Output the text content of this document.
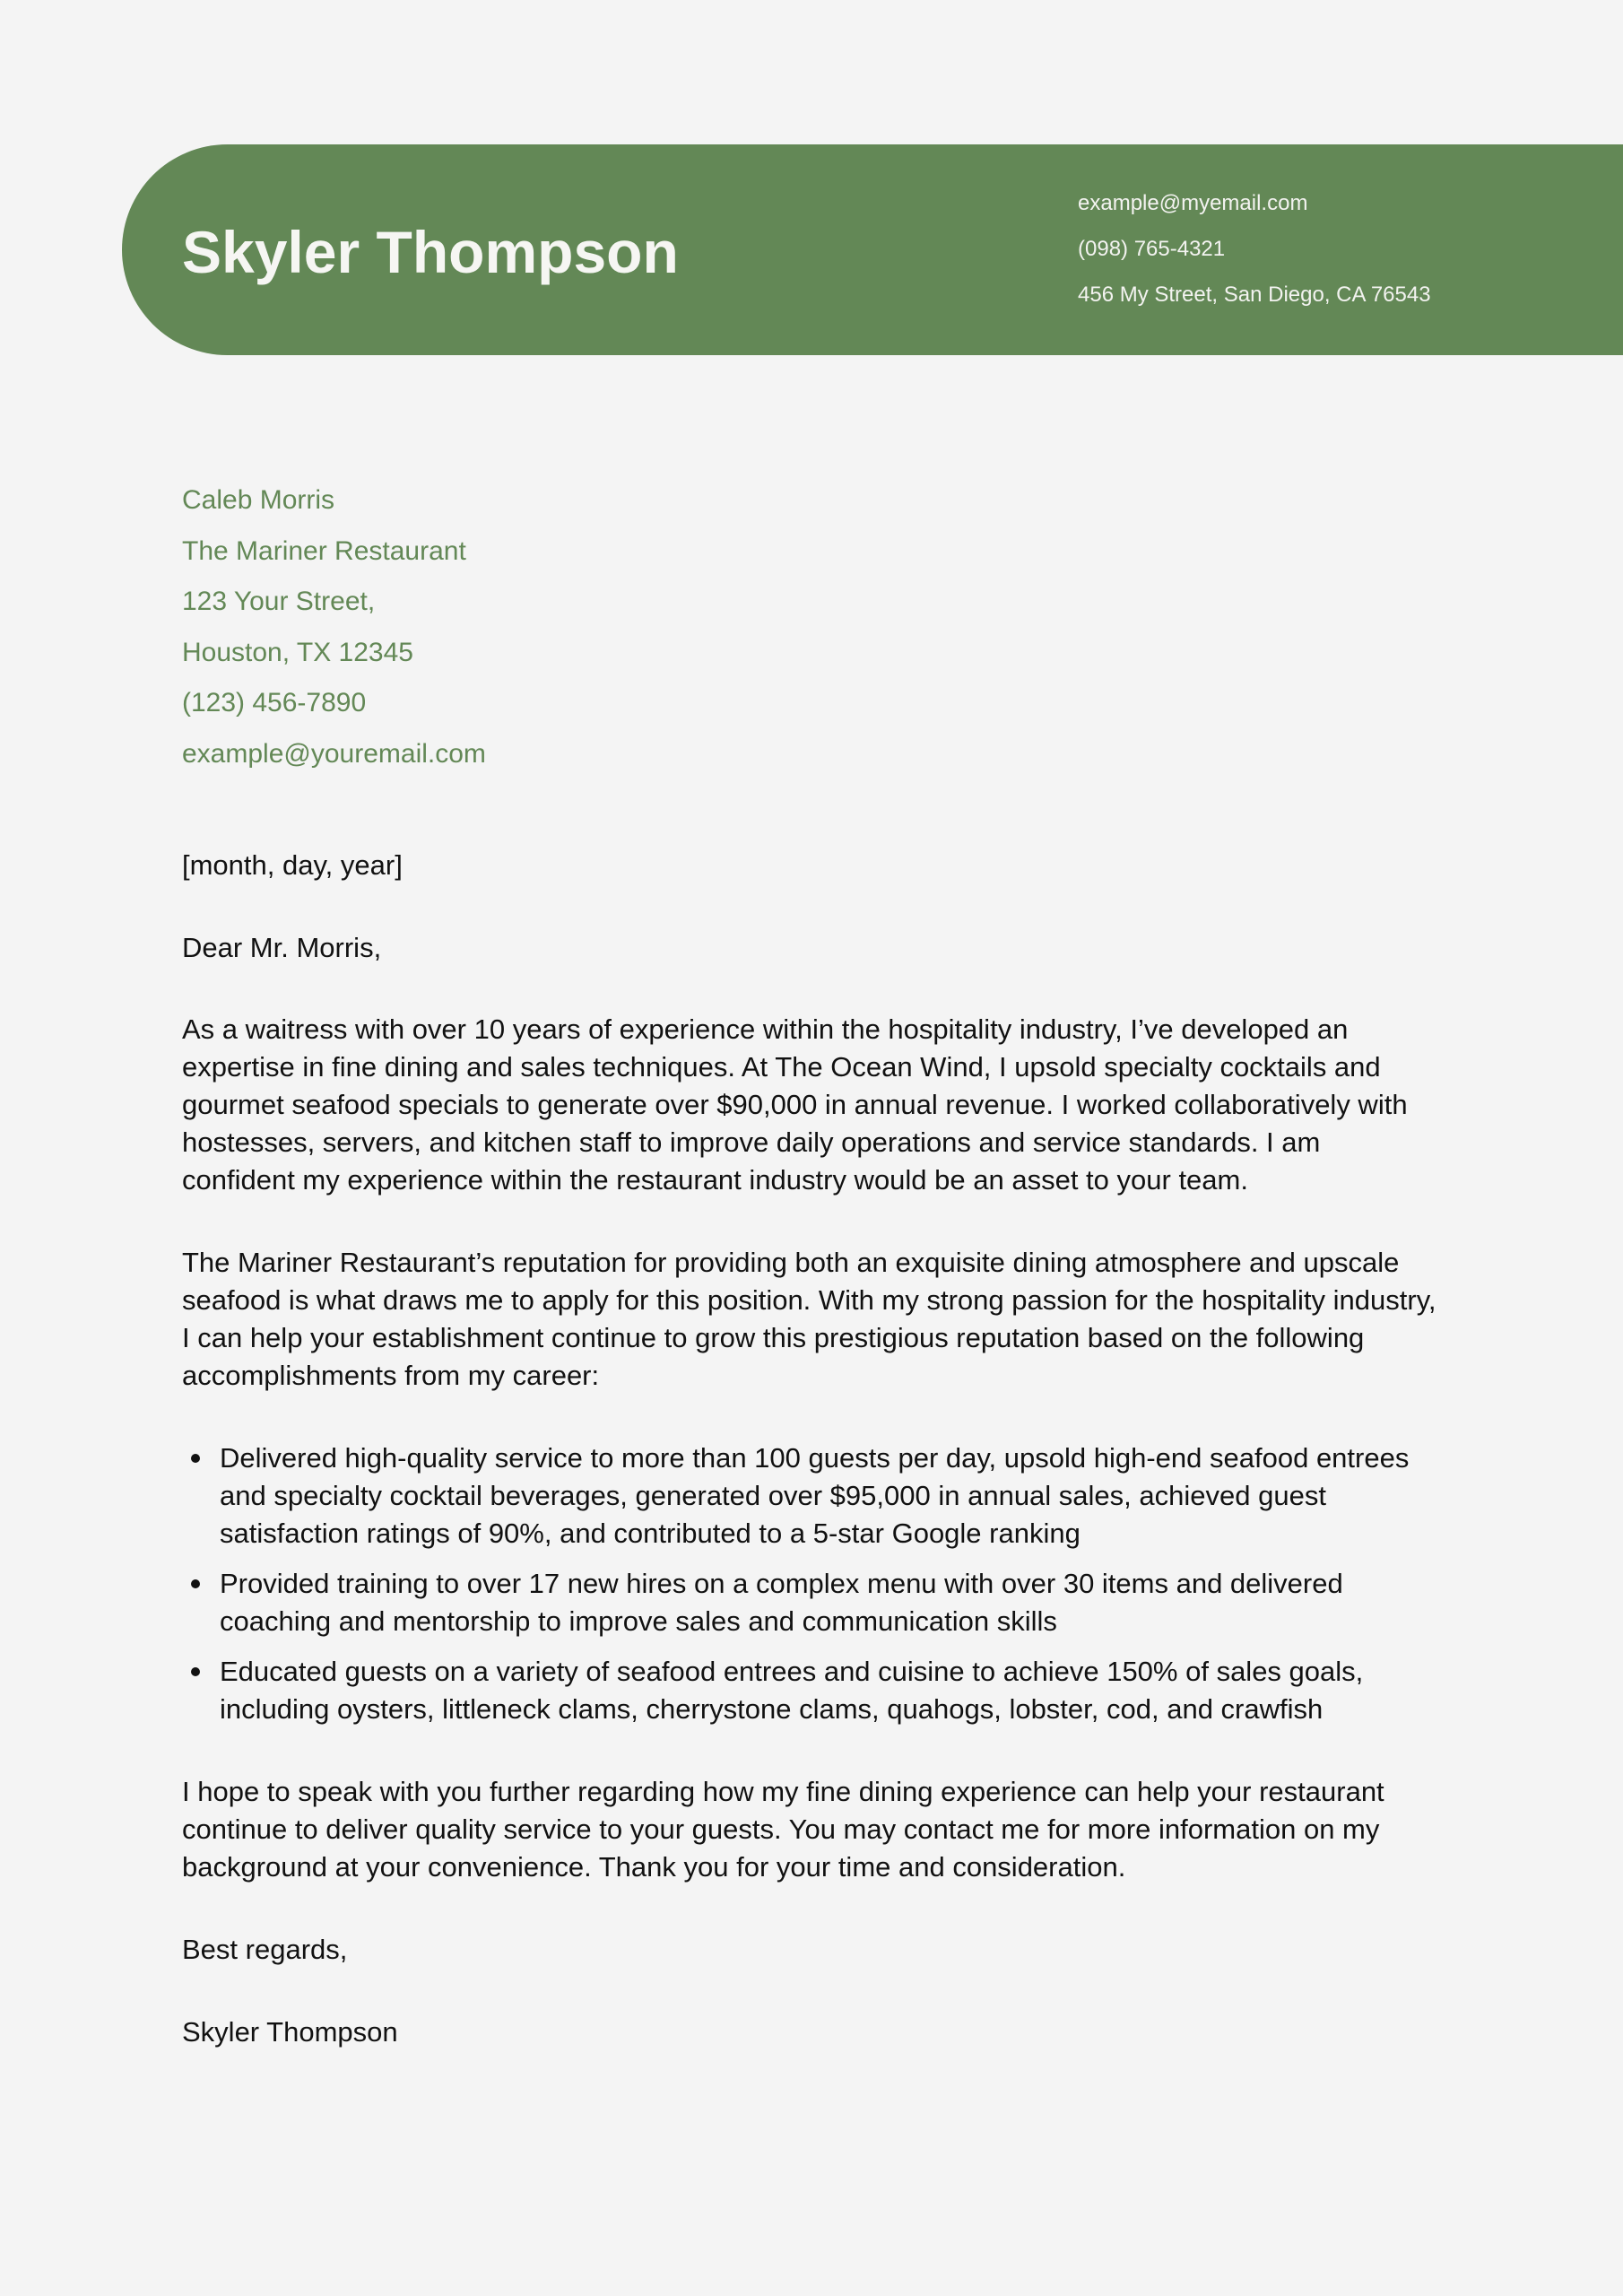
Skyler Thompson
example@myemail.com
(098) 765-4321
456 My Street, San Diego, CA 76543
Caleb Morris
The Mariner Restaurant
123 Your Street,
Houston, TX 12345
(123) 456-7890
example@youremail.com

[month, day, year]

Dear Mr. Morris,

As a waitress with over 10 years of experience within the hospitality industry, I’ve developed an expertise in fine dining and sales techniques. At The Ocean Wind, I upsold specialty cocktails and gourmet seafood specials to generate over $90,000 in annual revenue. I worked collaboratively with hostesses, servers, and kitchen staff to improve daily operations and service standards. I am confident my experience within the restaurant industry would be an asset to your team.

The Mariner Restaurant’s reputation for providing both an exquisite dining atmosphere and upscale seafood is what draws me to apply for this position. With my strong passion for the hospitality industry, I can help your establishment continue to grow this prestigious reputation based on the following accomplishments from my career:

Delivered high-quality service to more than 100 guests per day, upsold high-end seafood entrees and specialty cocktail beverages, generated over $95,000 in annual sales, achieved guest satisfaction ratings of 90%, and contributed to a 5-star Google ranking
Provided training to over 17 new hires on a complex menu with over 30 items and delivered coaching and mentorship to improve sales and communication skills
Educated guests on a variety of seafood entrees and cuisine to achieve 150% of sales goals, including oysters, littleneck clams, cherrystone clams, quahogs, lobster, cod, and crawfish

I hope to speak with you further regarding how my fine dining experience can help your restaurant continue to deliver quality service to your guests. You may contact me for more information on my background at your convenience. Thank you for your time and consideration.

Best regards,

Skyler Thompson
